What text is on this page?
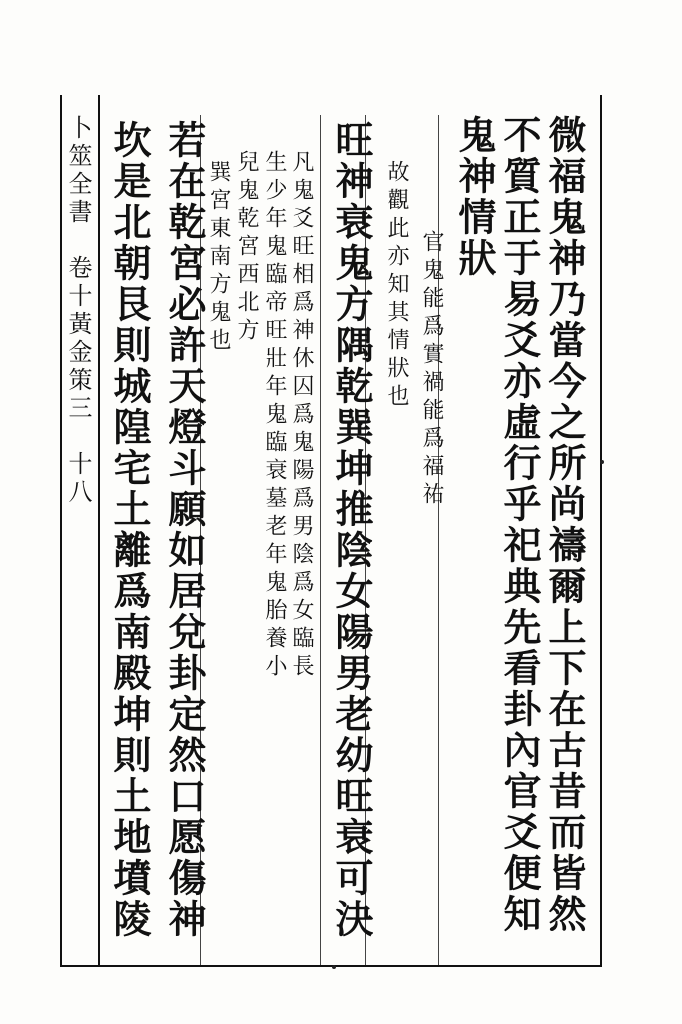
微福鬼神乃當今之所尚禱爾上下在古昔而皆然
不質正于易爻亦虛行乎祀典先看卦內官爻便知
鬼神情狀
官鬼能爲實禍能爲福祐
故觀此亦知其情狀也
旺神衰鬼方隅乾巽坤推陰女陽男老幼旺衰可決
凡鬼爻旺相爲神休囚爲鬼陽爲男陰爲女臨長
生少年鬼臨帝旺壯年鬼臨衰墓老年鬼胎養小
兒鬼乾宮西北方
巽宮東南方鬼也
若在乾宮必許天燈斗願如居兌卦定然口愿傷神
坎是北朝艮則城隍宅土離爲南殿坤則土地墳陵
卜筮全書　卷十黃金策三　十八
